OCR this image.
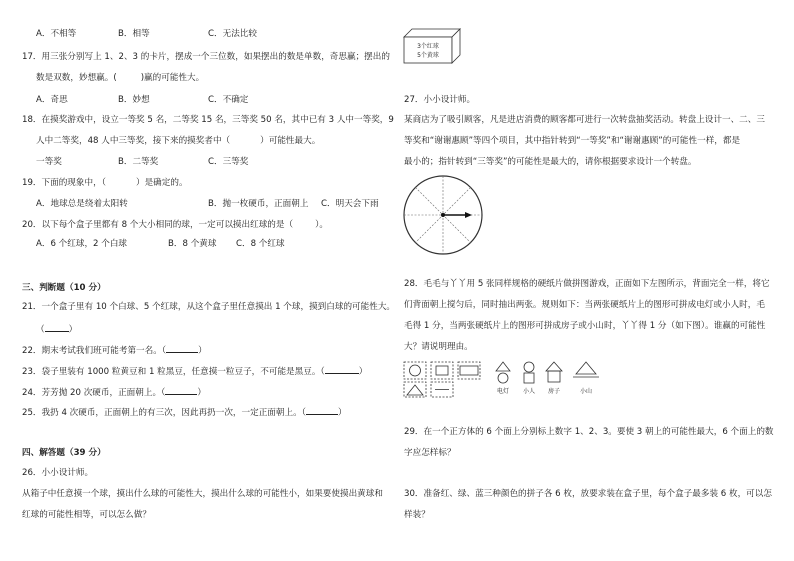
A．不相等	B．相等	C．无法比较
17．用三张分别写上 1、2、3 的卡片，摆成一个三位数，如果摆出的数是单数，奇思赢；摆出的
数是双数，妙想赢。(	)赢的可能性大。
A．奇思	B．妙想	C．不确定
18．在摸奖游戏中，设立一等奖 5 名，二等奖 15 名，三等奖 50 名，其中已有 3 人中一等奖，9
人中二等奖，48 人中三等奖，接下来的摸奖者中（	）可能性最大。
一等奖	B．二等奖	C．三等奖
19．下面的现象中，（	）是确定的。
A．地球总是绕着太阳转	B．抛一枚硬币，正面朝上 C．明天会下雨
20．以下每个盒子里都有 8 个大小相同的球，一定可以摸出红球的是（	）。
A．6 个红球，2 个白球	B．8 个黄球 C．8 个红球
三、判断题（10 分）
21．一个盒子里有 10 个白球、5 个红球，从这个盒子里任意摸出 1 个球，摸到白球的可能性大。
（	）
22．期末考试我们班可能考第一名。（	）
23．袋子里装有 1000 粒黄豆和 1 粒黑豆，任意摸一粒豆子，不可能是黑豆。（	）
24．芳芳抛 20 次硬币，正面朝上。（	）
25．我扔 4 次硬币，正面朝上的有三次，因此再扔一次，一定正面朝上。（	）
四、解答题（39 分）
26．小小设计师。
从箱子中任意摸一个球，摸出什么球的可能性大，摸出什么球的可能性小，如果要使摸出黄球和
红球的可能性相等，可以怎么做？
3个红球
5个黄球
27．小小设计师。
某商店为了吸引顾客，凡是进店消费的顾客都可进行一次转盘抽奖活动。转盘上设计一、二、三
等奖和“谢谢惠顾”等四个项目，其中指针转到“一等奖”和“谢谢惠顾”的可能性一样，都是
最小的；指针转到“三等奖”的可能性是最大的，请你根据要求设计一个转盘。
28．毛毛与丫丫用 5 张同样规格的硬纸片做拼图游戏，正面如下左图所示，背面完全一样，将它
们背面朝上搅匀后，同时抽出两张。规则如下：当两张硬纸片上的图形可拼成电灯或小人时，毛
毛得 1 分，当两张硬纸片上的图形可拼成房子或小山时，丫丫得 1 分（如下图）。谁赢的可能性
大？请说明理由。
电灯 小人 房子	小山
29．在一个正方体的 6 个面上分别标上数字 1、2、3。要使 3 朝上的可能性最大，6 个面上的数
字应怎样标？
30．准备红、绿、蓝三种颜色的拼子各 6 枚，放要求装在盒子里，每个盒子最多装 6 枚，可以怎
样装？
